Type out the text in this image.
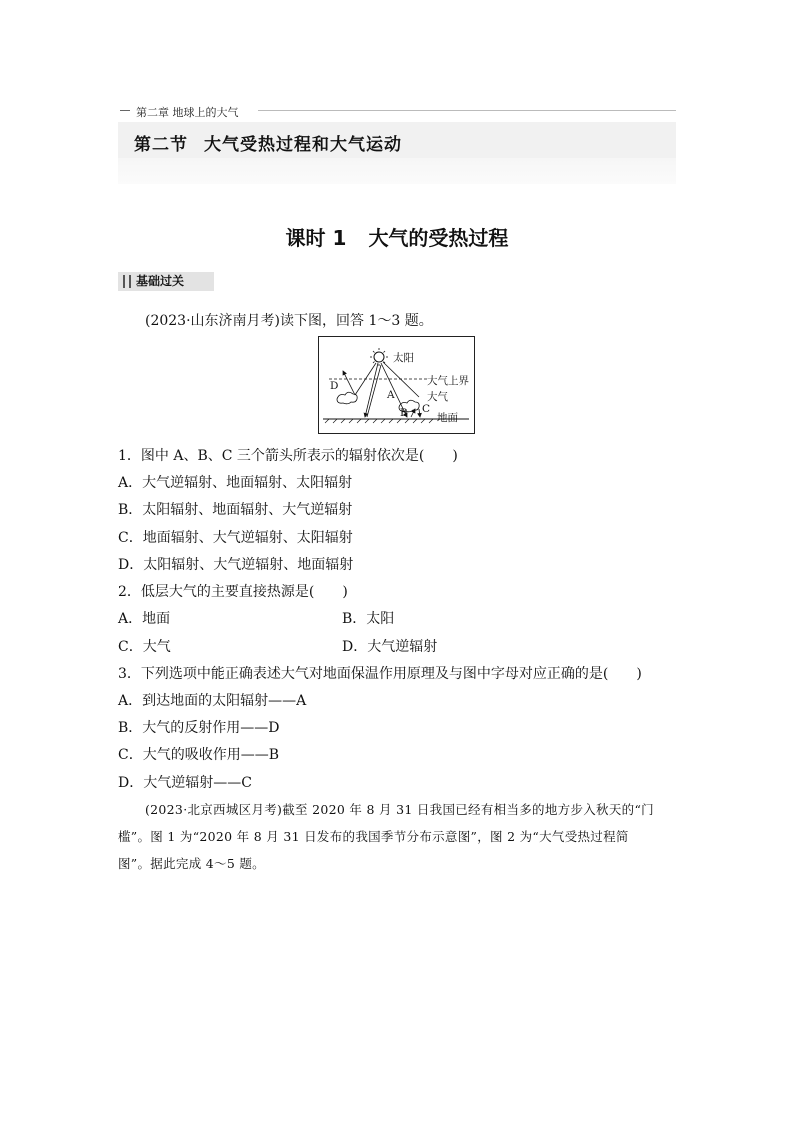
第二章 地球上的大气
第二节 大气受热过程和大气运动
课时 1 大气的受热过程
基础过关
(2023·山东济南月考)读下图，回答 1～3 题。
太阳
大气上界
大气
地面
D
A
B C
1．图中 A、B、C 三个箭头所表示的辐射依次是(　　)
A．大气逆辐射、地面辐射、太阳辐射
B．太阳辐射、地面辐射、大气逆辐射
C．地面辐射、大气逆辐射、太阳辐射
D．太阳辐射、大气逆辐射、地面辐射
2．低层大气的主要直接热源是(　　)
A．地面	B．太阳
C．大气	D．大气逆辐射
3．下列选项中能正确表述大气对地面保温作用原理及与图中字母对应正确的是(　　)
A．到达地面的太阳辐射——A
B．大气的反射作用——D
C．大气的吸收作用——B
D．大气逆辐射——C
(2023·北京西城区月考)截至 2020 年 8 月 31 日我国已经有相当多的地方步入秋天的“门
槛”。图 1 为“2020 年 8 月 31 日发布的我国季节分布示意图”，图 2 为“大气受热过程简
图”。据此完成 4～5 题。
